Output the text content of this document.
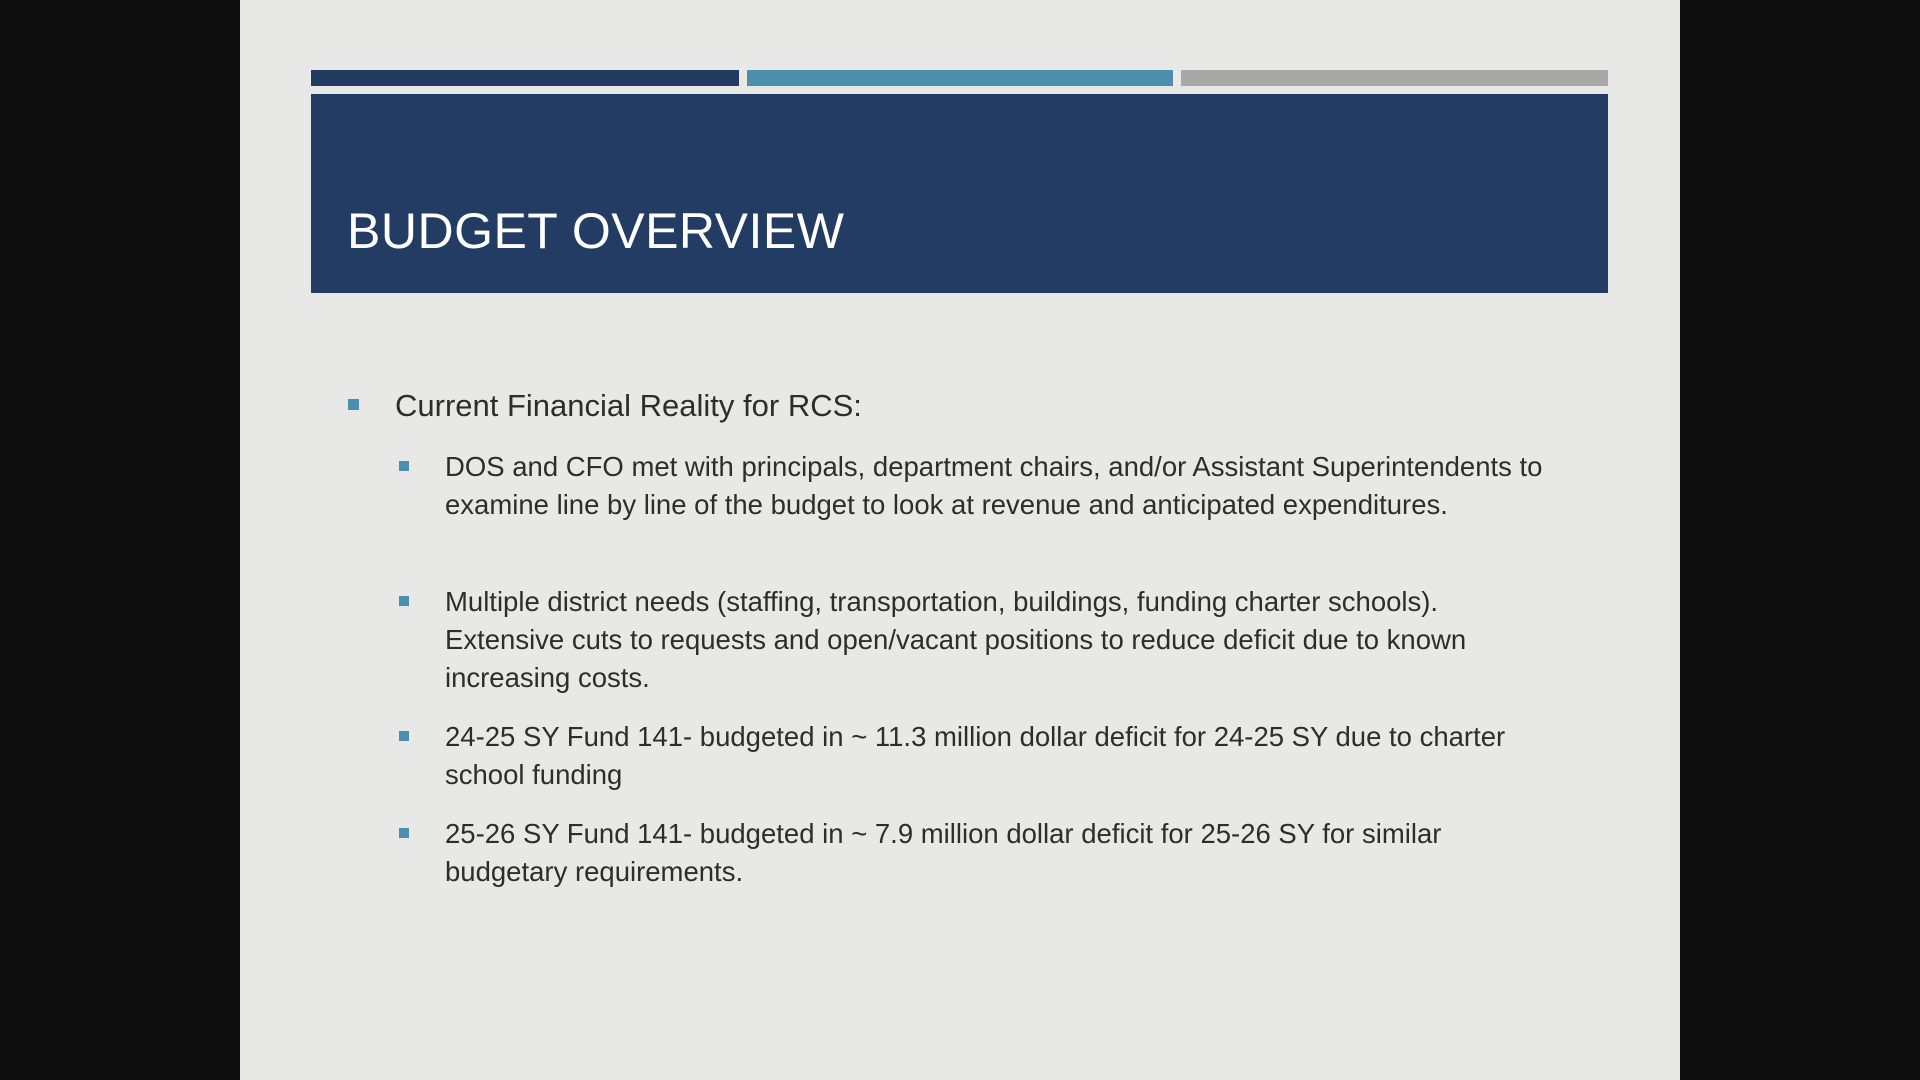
BUDGET OVERVIEW
Current Financial Reality for RCS:

DOS and CFO met with principals, department chairs, and/or Assistant Superintendents to examine line by line of the budget to look at revenue and anticipated expenditures.

Multiple district needs (staffing, transportation, buildings, funding charter schools). Extensive cuts to requests and open/vacant positions to reduce deficit due to known increasing costs.

24-25 SY Fund 141- budgeted in ~ 11.3 million dollar deficit for 24-25 SY due to charter school funding

25-26 SY Fund 141- budgeted in ~ 7.9 million dollar deficit for 25-26 SY for similar budgetary requirements.
